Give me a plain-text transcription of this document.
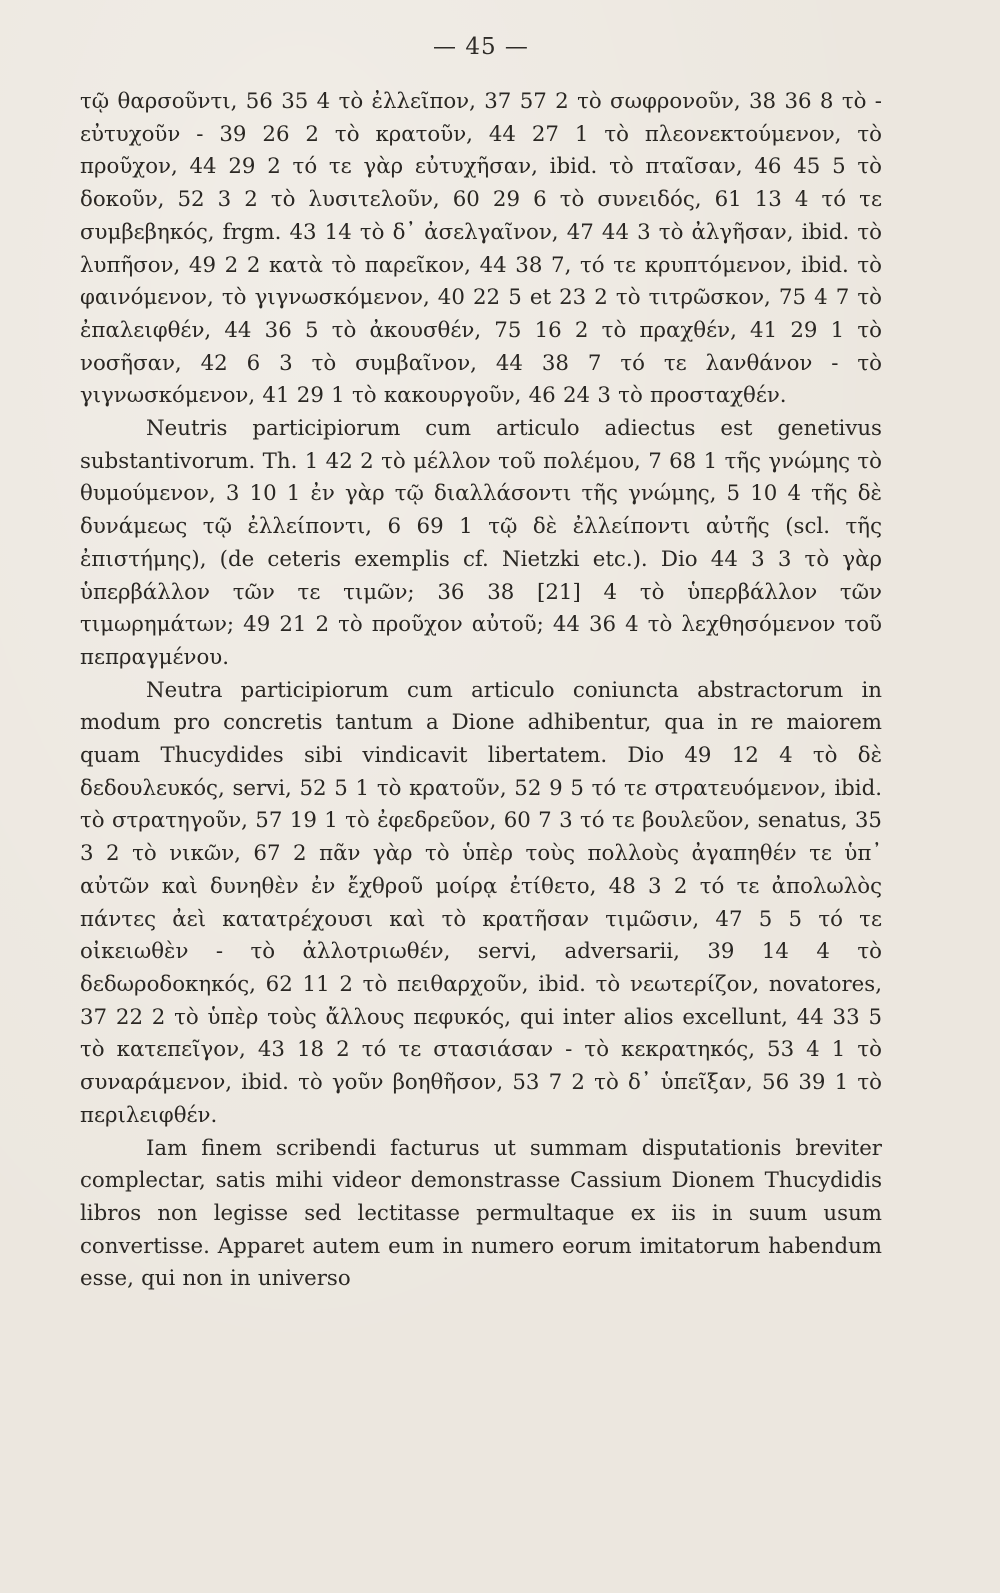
— 45 —

τῷ θαρσοῦντι, 56 35 4 τὸ ἐλλεῖπον, 37 57 2 τὸ σωφρονοῦν, 38 36 8 τὸ - εὐτυχοῦν - 39 26 2 τὸ κρατοῦν, 44 27 1 τὸ πλεονεκτούμενον, τὸ προῦχον, 44 29 2 τό τε γὰρ εὐτυχῆσαν, ibid. τὸ πταῖσαν, 46 45 5 τὸ δοκοῦν, 52 3 2 τὸ λυσιτελοῦν, 60 29 6 τὸ συνειδός, 61 13 4 τό τε συμβεβηκός, frgm. 43 14 τὸ δ᾽ ἀσελγαῖνον, 47 44 3 τὸ ἀλγῆσαν, ibid. τὸ λυπῆσον, 49 2 2 κατὰ τὸ παρεῖκον, 44 38 7, τό τε κρυπτόμενον, ibid. τὸ φαινόμενον, τὸ γιγνωσκόμενον, 40 22 5 et 23 2 τὸ τιτρῶσκον, 75 4 7 τὸ ἐπαλειφθέν, 44 36 5 τὸ ἀκουσθέν, 75 16 2 τὸ πραχθέν, 41 29 1 τὸ νοσῆσαν, 42 6 3 τὸ συμβαῖνον, 44 38 7 τό τε λανθάνον - τὸ γιγνωσκόμενον, 41 29 1 τὸ κακουργοῦν, 46 24 3 τὸ προσταχθέν.

Neutris participiorum cum articulo adiectus est genetivus substantivorum. Th. 1 42 2 τὸ μέλλον τοῦ πολέμου, 7 68 1 τῆς γνώμης τὸ θυμούμενον, 3 10 1 ἐν γὰρ τῷ διαλλάσοντι τῆς γνώμης, 5 10 4 τῆς δὲ δυνάμεως τῷ ἐλλείποντι, 6 69 1 τῷ δὲ ἐλλείποντι αὐτῆς (scl. τῆς ἐπιστήμης), (de ceteris exemplis cf. Nietzki etc.). Dio 44 3 3 τὸ γὰρ ὑπερβάλλον τῶν τε τιμῶν; 36 38 [21] 4 τὸ ὑπερβάλλον τῶν τιμωρημάτων; 49 21 2 τὸ προῦχον αὐτοῦ; 44 36 4 τὸ λεχθησόμενον τοῦ πεπραγμένου.

Neutra participiorum cum articulo coniuncta abstractorum in modum pro concretis tantum a Dione adhibentur, qua in re maiorem quam Thucydides sibi vindicavit libertatem. Dio 49 12 4 τὸ δὲ δεδουλευκός, servi, 52 5 1 τὸ κρατοῦν, 52 9 5 τό τε στρατευόμενον, ibid. τὸ στρατηγοῦν, 57 19 1 τὸ ἐφεδρεῦον, 60 7 3 τό τε βουλεῦον, senatus, 35 3 2 τὸ νικῶν, 67 2 πᾶν γὰρ τὸ ὑπὲρ τοὺς πολλοὺς ἀγαπηθέν τε ὑπ᾽ αὐτῶν καὶ δυνηθὲν ἐν ἔχθροῦ μοίρᾳ ἐτίθετο, 48 3 2 τό τε ἀπολωλὸς πάντες ἀεὶ κατατρέχουσι καὶ τὸ κρατῆσαν τιμῶσιν, 47 5 5 τό τε οἰκειωθὲν - τὸ ἀλλοτριωθέν, servi, adversarii, 39 14 4 τὸ δεδωροδοκηκός, 62 11 2 τὸ πειθαρχοῦν, ibid. τὸ νεωτερίζον, novatores, 37 22 2 τὸ ὑπὲρ τοὺς ἄλλους πεφυκός, qui inter alios excellunt, 44 33 5 τὸ κατεπεῖγον, 43 18 2 τό τε στασιάσαν - τὸ κεκρατηκός, 53 4 1 τὸ συναράμενον, ibid. τὸ γοῦν βοηθῆσον, 53 7 2 τὸ δ᾽ ὑπεῖξαν, 56 39 1 τὸ περιλειφθέν.

Iam finem scribendi facturus ut summam disputationis breviter complectar, satis mihi videor demonstrasse Cassium Dionem Thucydidis libros non legisse sed lectitasse permultaque ex iis in suum usum convertisse. Apparet autem eum in numero eorum imitatorum habendum esse, qui non in universo
